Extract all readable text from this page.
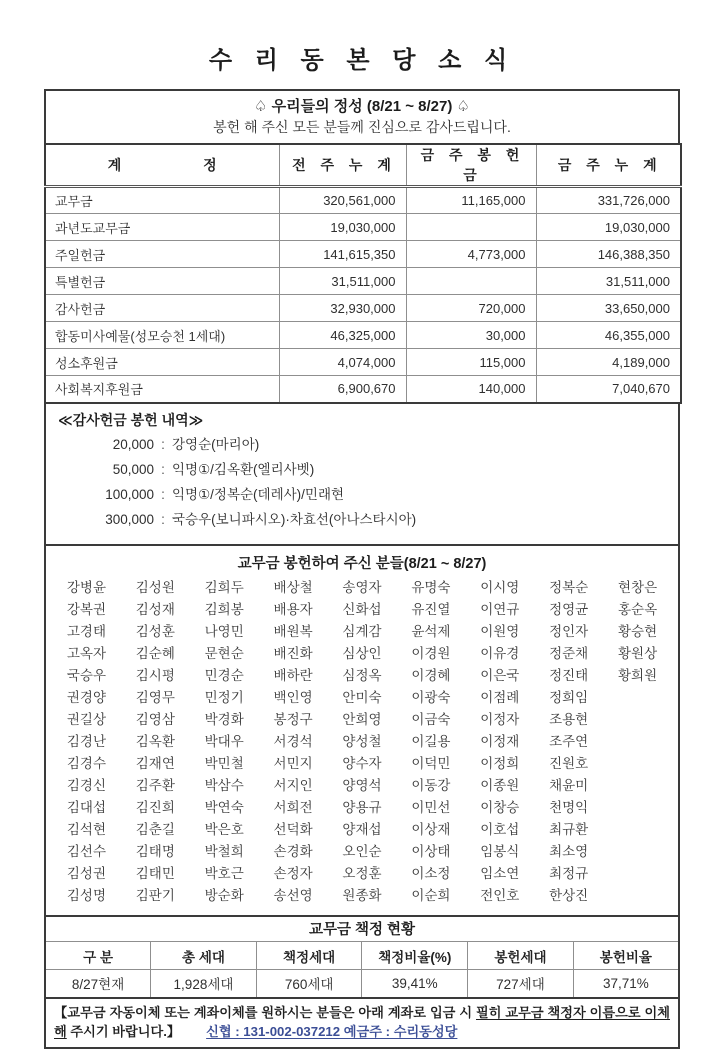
수 리 동 본 당 소 식
♤ 우리들의 정성 (8/21 ~ 8/27) ♤
봉헌 해 주신 모든 분들께 진심으로 감사드립니다.
계 정	전 주 누 계	금 주 봉 헌 금	금 주 누 계
교무금	320,561,000	11,165,000	331,726,000
과년도교무금	19,030,000		19,030,000
주일헌금	141,615,350	4,773,000	146,388,350
특별헌금	31,511,000		31,511,000
감사헌금	32,930,000	720,000	33,650,000
합동미사예물(성모승천 1세대)	46,325,000	30,000	46,355,000
성소후원금	4,074,000	115,000	4,189,000
사회복지후원금	6,900,670	140,000	7,040,670
≪감사헌금 봉헌 내역≫
20,000 : 강영순(마리아)
50,000 : 익명①/김옥환(엘리사벳)
100,000 : 익명①/정복순(데레사)/민래현
300,000 : 국승우(보니파시오)·차효선(아나스타시아)
교무금 봉헌하여 주신 분들(8/21 ~ 8/27)
강병윤	김성원	김희두	배상철	송영자	유명숙	이시영	정복순	현창은
강복권	김성재	김희봉	배용자	신화섭	유진열	이연규	정영균	홍순옥
고경태	김성훈	나영민	배원복	심계감	윤석제	이원영	정인자	황승현
고옥자	김순혜	문현순	배진화	심상인	이경원	이유경	정준채	황원상
국승우	김시평	민경순	배하란	심정옥	이경혜	이은국	정진태	황희원
권경양	김영무	민정기	백인영	안미숙	이광숙	이점례	정희임
권길상	김영삼	박경화	봉정구	안희영	이금숙	이정자	조용현
김경난	김옥환	박대우	서경석	양성철	이길용	이정재	조주연
김경수	김재연	박민철	서민지	양수자	이덕민	이정희	진원호
김경신	김주환	박삼수	서지인	양영석	이동강	이종원	채윤미
김대섭	김진희	박연숙	서희전	양용규	이민선	이창승	천명익
김석현	김춘길	박은호	선덕화	양재섭	이상재	이호섭	최규환
김선수	김태명	박철희	손경화	오인순	이상태	임봉식	최소영
김성권	김태민	박호근	손정자	오정훈	이소정	임소연	최정규
김성명	김판기	방순화	송선영	원종화	이순희	전인호	한상진
교무금 책정 현황					
구 분	총 세대	책정세대	책정비율(%)	봉헌세대	봉헌비율
8/27현재	1,928세대	760세대	39,41%	727세대	37,71%
【교무금 자동이체 또는 계좌이체를 원하시는 분들은 아래 계좌로 입금 시 필히 교무금 책정자 이름으로 이체해 주시기 바랍니다.】 신협 : 131-002-037212 예금주 : 수리동성당
